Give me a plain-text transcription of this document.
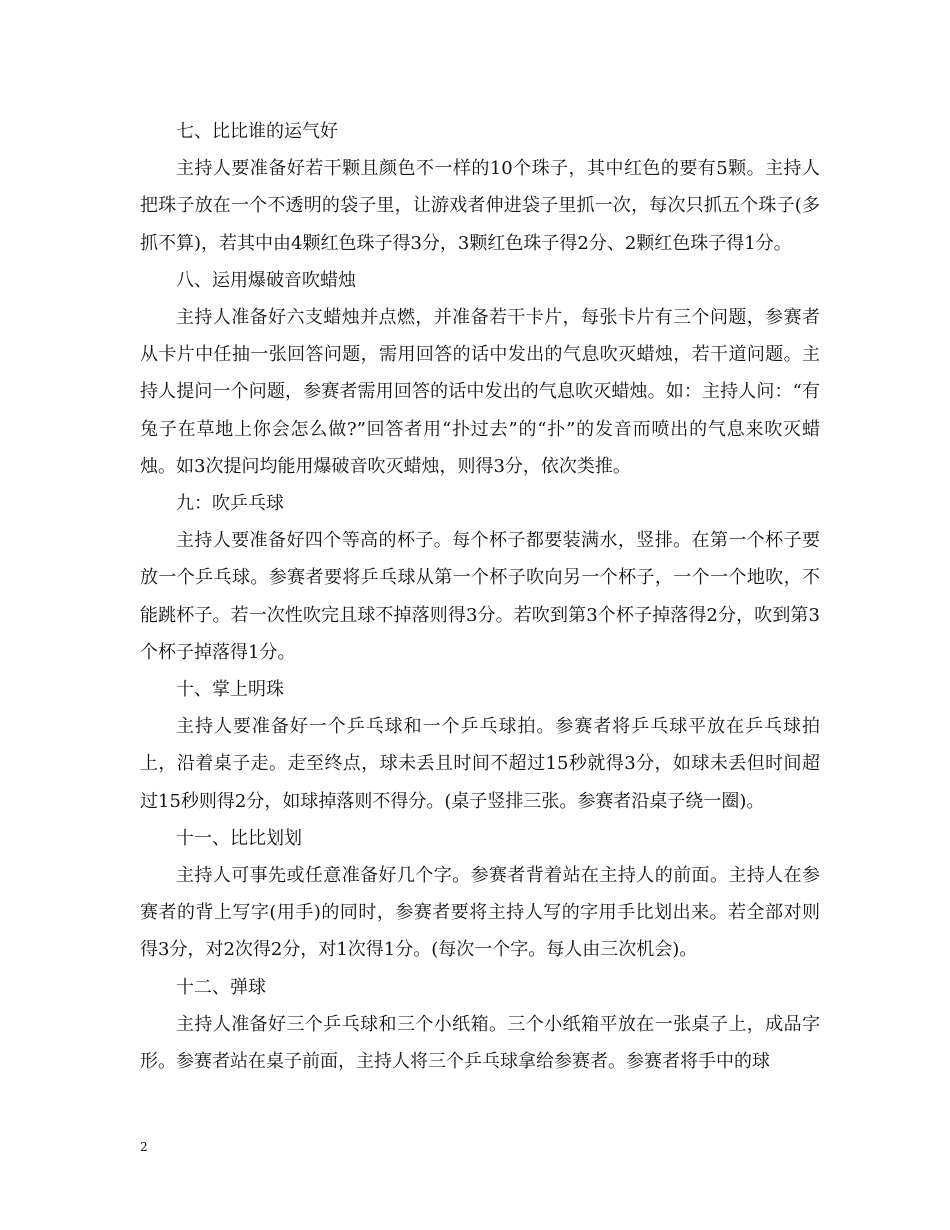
七、比比谁的运气好

主持人要准备好若干颗且颜色不一样的10个珠子，其中红色的要有5颗。主持人把珠子放在一个不透明的袋子里，让游戏者伸进袋子里抓一次，每次只抓五个珠子(多抓不算)，若其中由4颗红色珠子得3分，3颗红色珠子得2分、2颗红色珠子得1分。

八、运用爆破音吹蜡烛

主持人准备好六支蜡烛并点燃，并准备若干卡片，每张卡片有三个问题，参赛者从卡片中任抽一张回答问题，需用回答的话中发出的气息吹灭蜡烛，若干道问题。主持人提问一个问题，参赛者需用回答的话中发出的气息吹灭蜡烛。如：主持人问：“有兔子在草地上你会怎么做?”回答者用“扑过去”的“扑”的发音而喷出的气息来吹灭蜡烛。如3次提问均能用爆破音吹灭蜡烛，则得3分，依次类推。

九：吹乒乓球

主持人要准备好四个等高的杯子。每个杯子都要装满水，竖排。在第一个杯子要放一个乒乓球。参赛者要将乒乓球从第一个杯子吹向另一个杯子，一个一个地吹，不能跳杯子。若一次性吹完且球不掉落则得3分。若吹到第3个杯子掉落得2分，吹到第3个杯子掉落得1分。

十、掌上明珠

主持人要准备好一个乒乓球和一个乒乓球拍。参赛者将乒乓球平放在乒乓球拍上，沿着桌子走。走至终点，球未丢且时间不超过15秒就得3分，如球未丢但时间超过15秒则得2分，如球掉落则不得分。(桌子竖排三张。参赛者沿桌子绕一圈)。

十一、比比划划

主持人可事先或任意准备好几个字。参赛者背着站在主持人的前面。主持人在参赛者的背上写字(用手)的同时，参赛者要将主持人写的字用手比划出来。若全部对则得3分，对2次得2分，对1次得1分。(每次一个字。每人由三次机会)。

十二、弹球

主持人准备好三个乒乓球和三个小纸箱。三个小纸箱平放在一张桌子上，成品字形。参赛者站在桌子前面，主持人将三个乒乓球拿给参赛者。参赛者将手中的球

2
